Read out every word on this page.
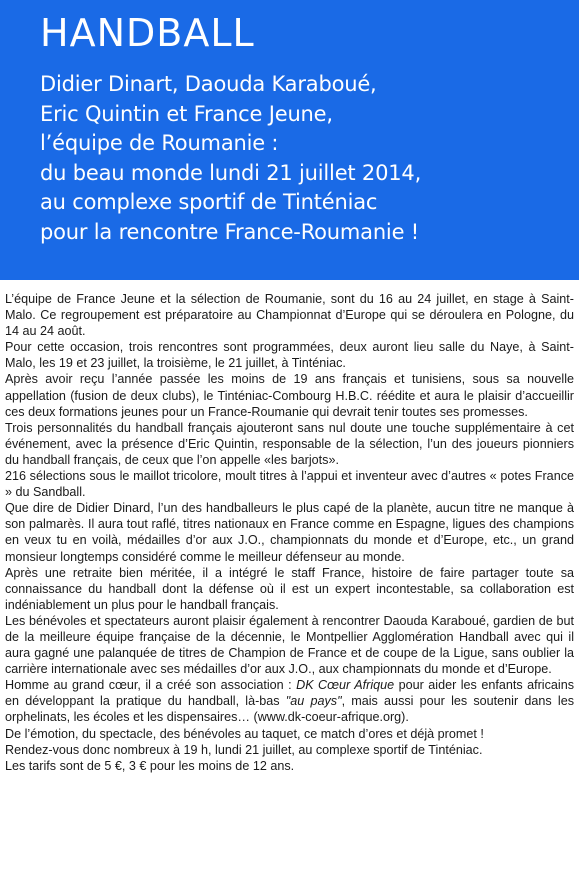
HANDBALL
Didier Dinart, Daouda Karaboué,
Eric Quintin et France Jeune,
l’équipe de Roumanie :
du beau monde lundi 21 juillet 2014,
au complexe sportif de Tinténiac
pour la rencontre France-Roumanie !

L’équipe de France Jeune et la sélection de Roumanie, sont du 16 au 24 juillet, en stage à Saint-Malo. Ce regroupement est préparatoire au Championnat d’Europe qui se déroulera en Pologne, du 14 au 24 août.

Pour cette occasion, trois rencontres sont programmées, deux auront lieu salle du Naye, à Saint-Malo, les 19 et 23 juillet, la troisième, le 21 juillet, à Tinténiac.

Après avoir reçu l’année passée les moins de 19 ans français et tunisiens, sous sa nouvelle appellation (fusion de deux clubs), le Tinténiac-Combourg H.B.C. réédite et aura le plaisir d’accueillir ces deux formations jeunes pour un France-Roumanie qui devrait tenir toutes ses promesses.

Trois personnalités du handball français ajouteront sans nul doute une touche supplémentaire à cet événement, avec la présence d’Eric Quintin, responsable de la sélection, l’un des joueurs pionniers du handball français, de ceux que l’on appelle «les barjots».

216 sélections sous le maillot tricolore, moult titres à l’appui et inventeur avec d’autres « potes France » du Sandball.

Que dire de Didier Dinard, l’un des handballeurs le plus capé de la planète, aucun titre ne manque à son palmarès. Il aura tout raflé, titres nationaux en France comme en Espagne, ligues des champions en veux tu en voilà, médailles d’or aux J.O., championnats du monde et d’Europe, etc., un grand monsieur longtemps considéré comme le meilleur défenseur au monde.

Après une retraite bien méritée, il a intégré le staff France, histoire de faire partager toute sa connaissance du handball dont la défense où il est un expert incontestable, sa collaboration est indéniablement un plus pour le handball français.

Les bénévoles et spectateurs auront plaisir également à rencontrer Daouda Karaboué, gardien de but de la meilleure équipe française de la décennie, le Montpellier Agglomération Handball avec qui il aura gagné une palanquée de titres de Champion de France et de coupe de la Ligue, sans oublier la carrière internationale avec ses médailles d’or aux J.O., aux championnats du monde et d’Europe.

Homme au grand cœur, il a créé son association : DK Cœur Afrique pour aider les enfants africains en développant la pratique du handball, là-bas "au pays", mais aussi pour les soutenir dans les orphelinats, les écoles et les dispensaires… (www.dk-coeur-afrique.org).

De l’émotion, du spectacle, des bénévoles au taquet, ce match d’ores et déjà promet !

Rendez-vous donc nombreux à 19 h, lundi 21 juillet, au complexe sportif de Tinténiac.

Les tarifs sont de 5 €, 3 € pour les moins de 12 ans.
